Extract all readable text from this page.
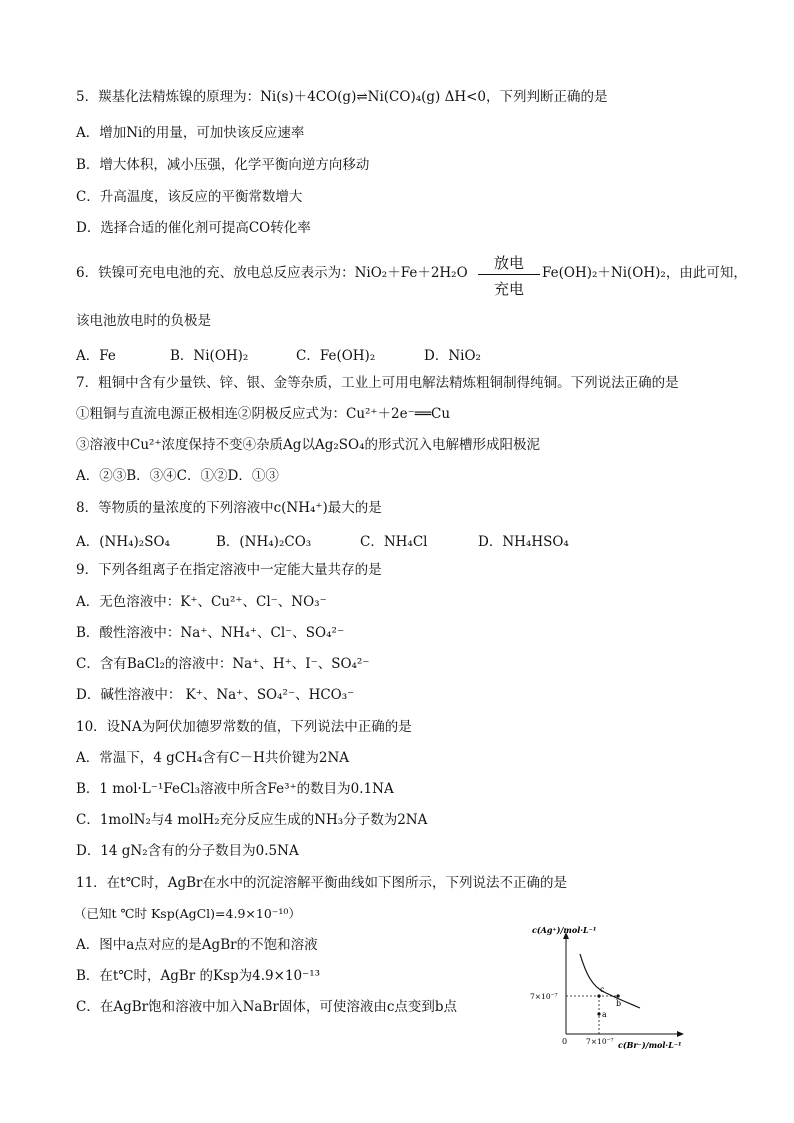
5．羰基化法精炼镍的原理为：Ni(s)＋4CO(g)⇌Ni(CO)₄(g) ΔH<0，下列判断正确的是
A．增加Ni的用量，可加快该反应速率
B．增大体积，减小压强，化学平衡向逆方向移动
C．升高温度，该反应的平衡常数增大
D．选择合适的催化剂可提高CO转化率
6．铁镍可充电电池的充、放电总反应表示为：NiO₂＋Fe＋2H₂O
放电
充电
Fe(OH)₂＋Ni(OH)₂，由此可知，
该电池放电时的负极是
A．Fe	B．Ni(OH)₂	C．Fe(OH)₂	D．NiO₂
7．粗铜中含有少量铁、锌、银、金等杂质，工业上可用电解法精炼粗铜制得纯铜。下列说法正确的是
①粗铜与直流电源正极相连②阴极反应式为：Cu²⁺＋2e⁻══Cu
③溶液中Cu²⁺浓度保持不变④杂质Ag以Ag₂SO₄的形式沉入电解槽形成阳极泥
A．②③B．③④C．①②D．①③
8．等物质的量浓度的下列溶液中c(NH₄⁺)最大的是
A．(NH₄)₂SO₄	B．(NH₄)₂CO₃	C．NH₄Cl	D．NH₄HSO₄
9．下列各组离子在指定溶液中一定能大量共存的是
A．无色溶液中：K⁺、Cu²⁺、Cl⁻、NO₃⁻
B．酸性溶液中：Na⁺、NH₄⁺、Cl⁻、SO₄²⁻
C．含有BaCl₂的溶液中：Na⁺、H⁺、I⁻、SO₄²⁻
D．碱性溶液中： K⁺、Na⁺、SO₄²⁻、HCO₃⁻
10．设NA为阿伏加德罗常数的值，下列说法中正确的是
A．常温下，4 gCH₄含有C－H共价键为2NA
B．1 mol·L⁻¹FeCl₃溶液中所含Fe³⁺的数目为0.1NA
C．1molN₂与4 molH₂充分反应生成的NH₃分子数为2NA
D．14 gN₂含有的分子数目为0.5NA
11．在t℃时，AgBr在水中的沉淀溶解平衡曲线如下图所示，下列说法不正确的是
（已知t ℃时 Ksp(AgCl)=4.9×10⁻¹⁰）
A．图中a点对应的是AgBr的不饱和溶液
B．在t℃时，AgBr 的Ksp为4.9×10⁻¹³
C．在AgBr饱和溶液中加入NaBr固体，可使溶液由c点变到b点
c
a
b
c(Ag⁺)/mol·L⁻¹
7×10⁻⁷
0	7×10⁻⁷ c(Br⁻)/mol·L⁻¹
